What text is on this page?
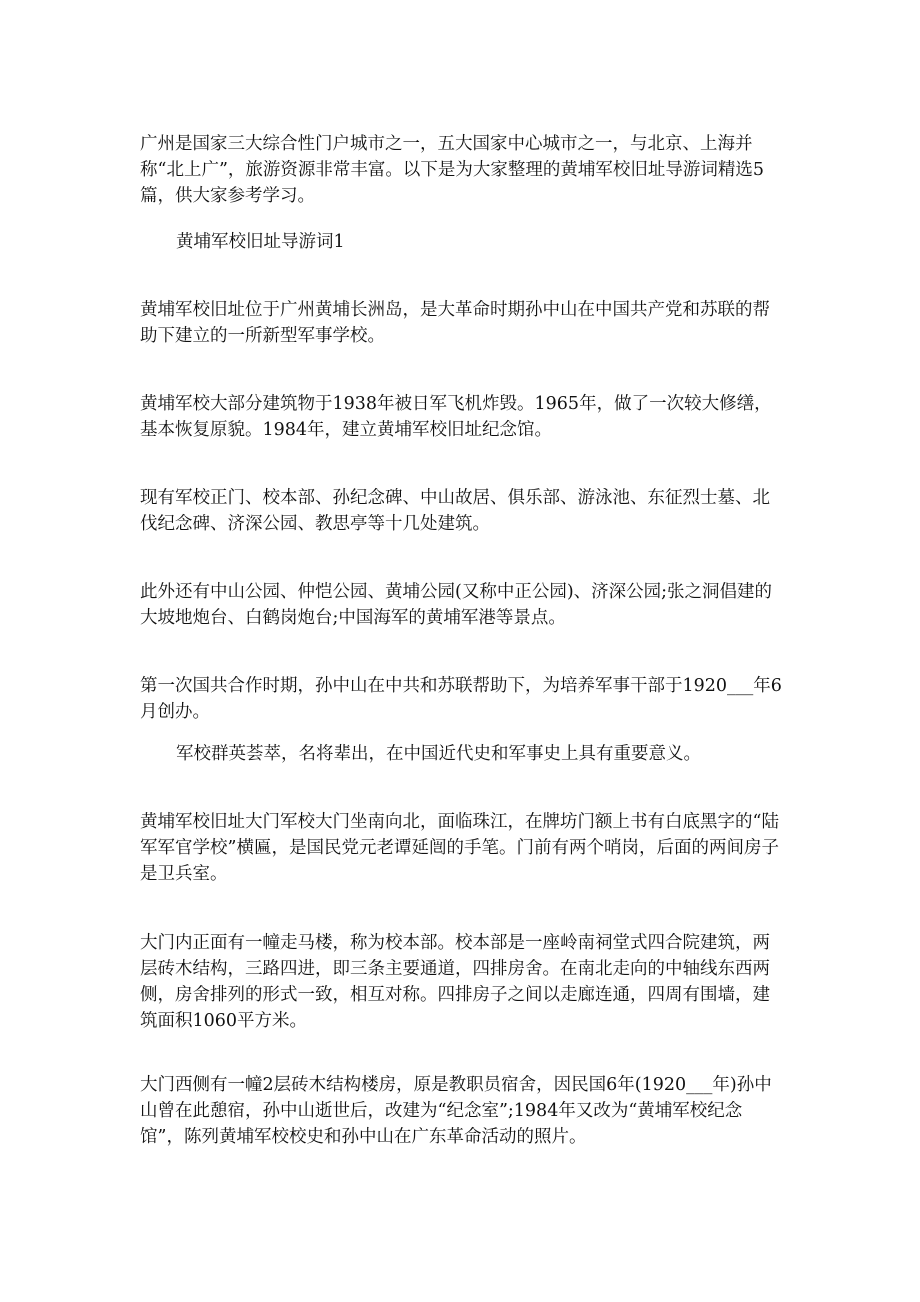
广州是国家三大综合性门户城市之一，五大国家中心城市之一，与北京、上海并称“北上广”，旅游资源非常丰富。以下是为大家整理的黄埔军校旧址导游词精选5篇，供大家参考学习。

黄埔军校旧址导游词1

黄埔军校旧址位于广州黄埔长洲岛，是大革命时期孙中山在中国共产党和苏联的帮助下建立的一所新型军事学校。

黄埔军校大部分建筑物于1938年被日军飞机炸毁。1965年，做了一次较大修缮，基本恢复原貌。1984年，建立黄埔军校旧址纪念馆。

现有军校正门、校本部、孙纪念碑、中山故居、俱乐部、游泳池、东征烈士墓、北伐纪念碑、济深公园、教思亭等十几处建筑。

此外还有中山公园、仲恺公园、黄埔公园(又称中正公园)、济深公园;张之洞倡建的大坡地炮台、白鹤岗炮台;中国海军的黄埔军港等景点。

第一次国共合作时期，孙中山在中共和苏联帮助下，为培养军事干部于1920___年6月创办。

军校群英荟萃，名将辈出，在中国近代史和军事史上具有重要意义。

黄埔军校旧址大门军校大门坐南向北，面临珠江，在牌坊门额上书有白底黑字的“陆军军官学校”横匾，是国民党元老谭延闿的手笔。门前有两个哨岗，后面的两间房子是卫兵室。

大门内正面有一幢走马楼，称为校本部。校本部是一座岭南祠堂式四合院建筑，两层砖木结构，三路四进，即三条主要通道，四排房舍。在南北走向的中轴线东西两侧，房舍排列的形式一致，相互对称。四排房子之间以走廊连通，四周有围墙，建筑面积1060平方米。

大门西侧有一幢2层砖木结构楼房，原是教职员宿舍，因民国6年(1920___年)孙中山曾在此憩宿，孙中山逝世后，改建为“纪念室”;1984年又改为“黄埔军校纪念馆”，陈列黄埔军校校史和孙中山在广东革命活动的照片。
